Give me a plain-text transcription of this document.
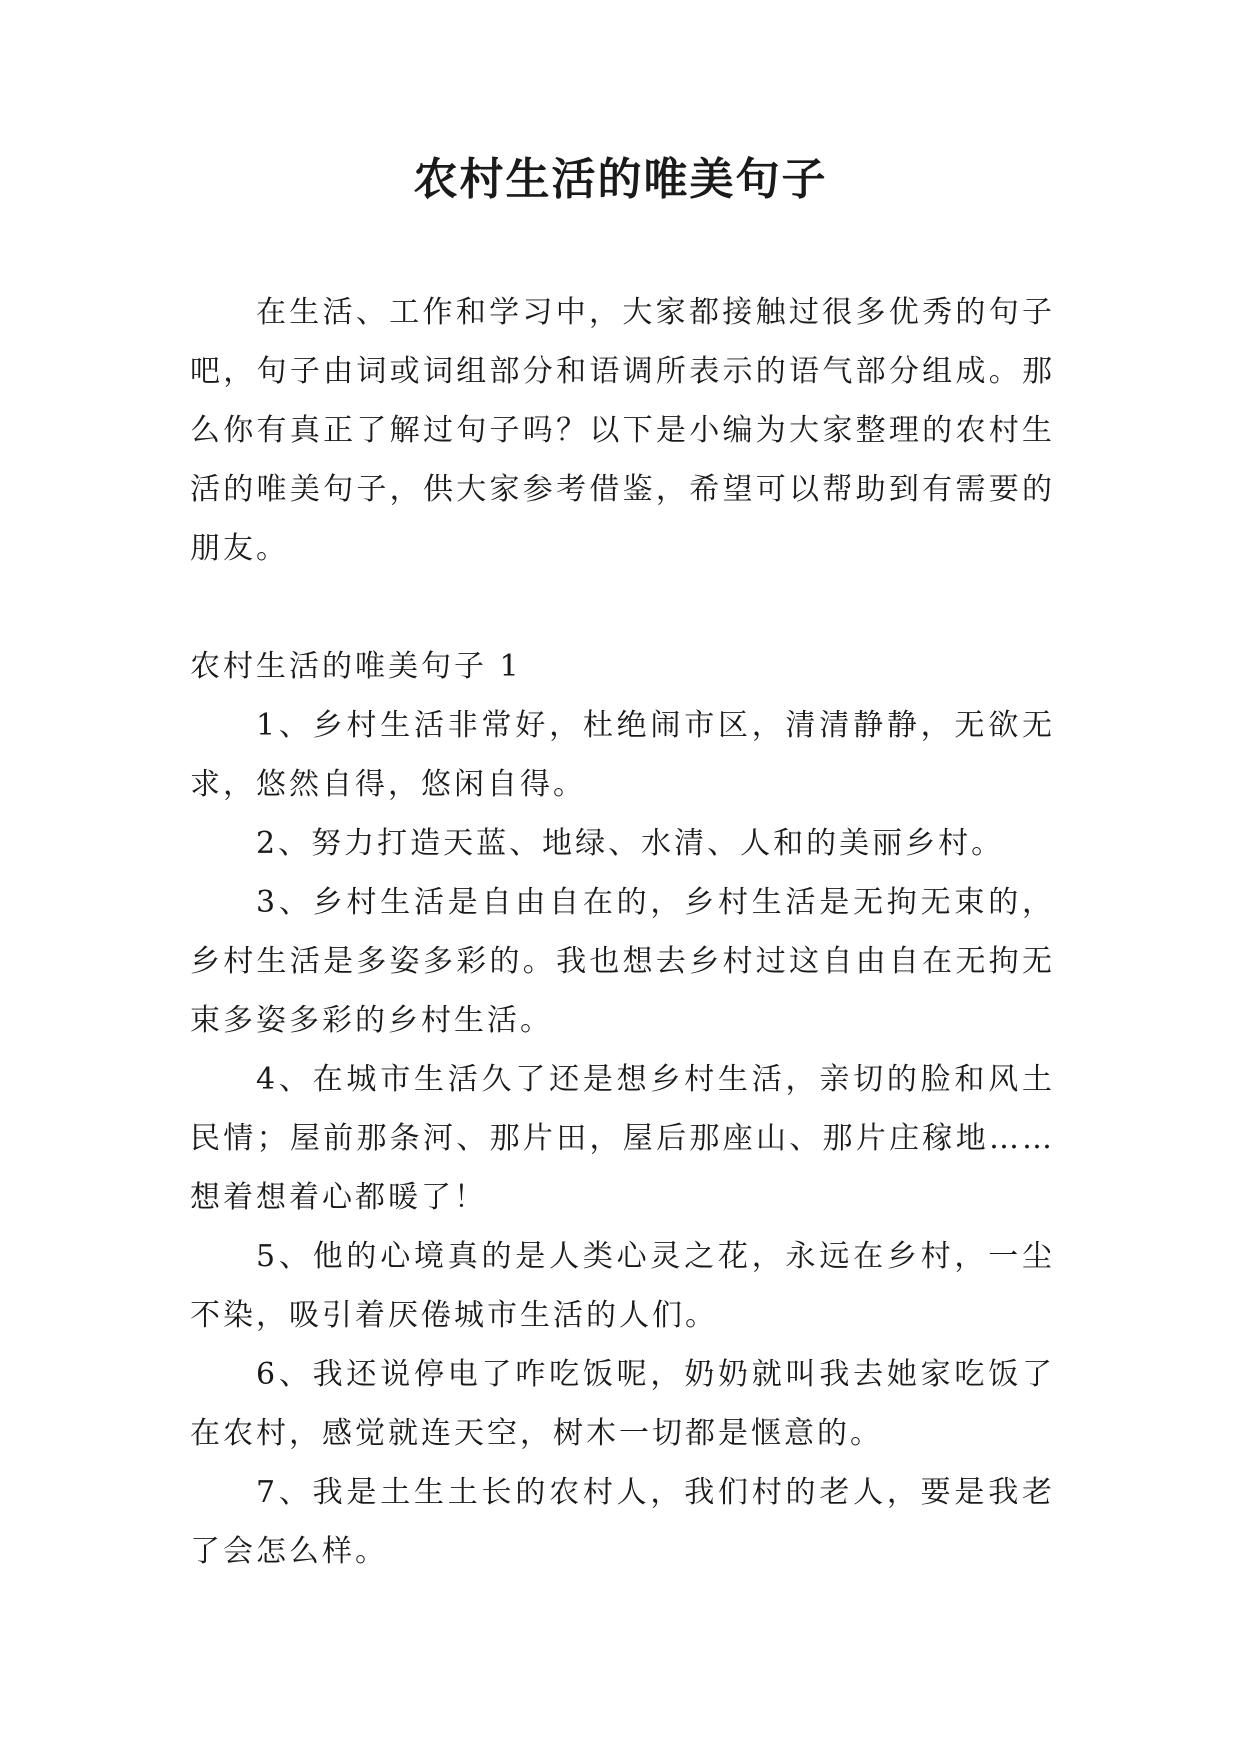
农村生活的唯美句子

在生活、工作和学习中，大家都接触过很多优秀的句子吧，句子由词或词组部分和语调所表示的语气部分组成。那么你有真正了解过句子吗？以下是小编为大家整理的农村生活的唯美句子，供大家参考借鉴，希望可以帮助到有需要的朋友。

农村生活的唯美句子 1

1、乡村生活非常好，杜绝闹市区，清清静静，无欲无求，悠然自得，悠闲自得。

2、努力打造天蓝、地绿、水清、人和的美丽乡村。

3、乡村生活是自由自在的，乡村生活是无拘无束的，乡村生活是多姿多彩的。我也想去乡村过这自由自在无拘无束多姿多彩的乡村生活。

4、在城市生活久了还是想乡村生活，亲切的脸和风土民情；屋前那条河、那片田，屋后那座山、那片庄稼地……想着想着心都暖了！

5、他的心境真的是人类心灵之花，永远在乡村，一尘不染，吸引着厌倦城市生活的人们。

6、我还说停电了咋吃饭呢，奶奶就叫我去她家吃饭了在农村，感觉就连天空，树木一切都是惬意的。

7、我是土生土长的农村人，我们村的老人，要是我老了会怎么样。
